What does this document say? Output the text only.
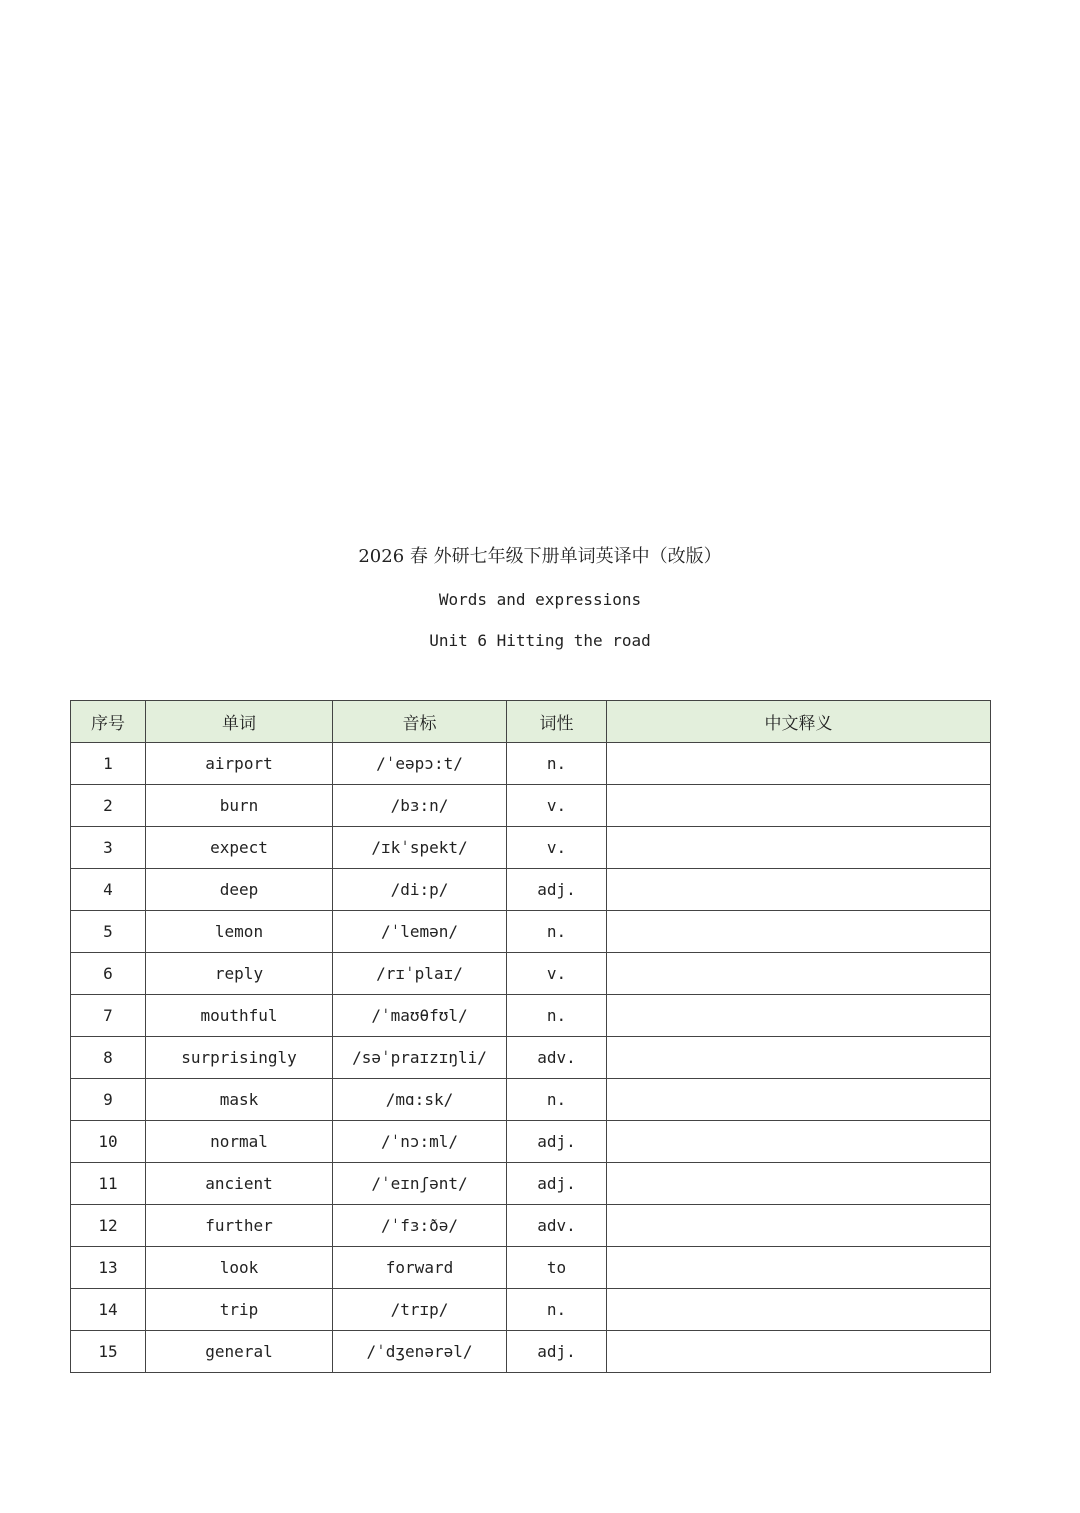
2026 春 外研七年级下册单词英译中（改版）
Words and expressions
Unit 6 Hitting the road
序号	单词	音标	词性	中文释义
1	airport	/ˈeəpɔ:t/	n.	
2	burn	/bɜ:n/	v.	
3	expect	/ɪkˈspekt/	v.	
4	deep	/di:p/	adj.	
5	lemon	/ˈlemən/	n.	
6	reply	/rɪˈplaɪ/	v.	
7	mouthful	/ˈmaʊθfʊl/	n.	
8	surprisingly	/səˈpraɪzɪŋli/	adv.	
9	mask	/mɑ:sk/	n.	
10	normal	/ˈnɔ:ml/	adj.	
11	ancient	/ˈeɪnʃənt/	adj.	
12	further	/ˈfɜ:ðə/	adv.	
13	look	forward	to	
14	trip	/trɪp/	n.	
15	general	/ˈdʒenərəl/	adj.	
